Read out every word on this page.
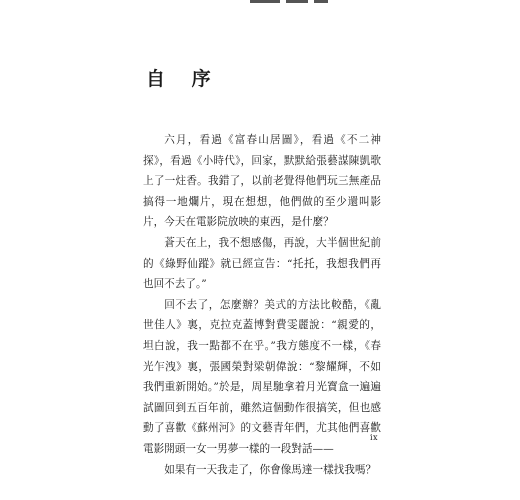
自 序

六月，看過《富春山居圖》，看過《不二神探》，看過《小時代》，回家，默默給張藝謀陳凱歌上了一炷香。我錯了，以前老覺得他們玩三無產品搞得一地爛片，現在想想，他們做的至少還叫影片，今天在電影院放映的東西，是什麼？

蒼天在上，我不想感傷，再說，大半個世紀前的《綠野仙蹤》就已經宣告：“托托，我想我們再也回不去了。”

回不去了，怎麼辦？美式的方法比較酷，《亂世佳人》裏，克拉克蓋博對費雯麗說：“親愛的，坦白說，我一點都不在乎。”我方態度不一樣，《春光乍洩》裏，張國榮對梁朝偉說：“黎耀輝，不如我們重新開始。”於是，周星馳拿着月光寶盒一遍遍試圖回到五百年前，雖然這個動作很搞笑，但也感動了喜歡《蘇州河》的文藝青年們，尤其他們喜歡電影開頭一女一男夢一樣的一段對話——

如果有一天我走了，你會像馬達一樣找我嗎？

ix
